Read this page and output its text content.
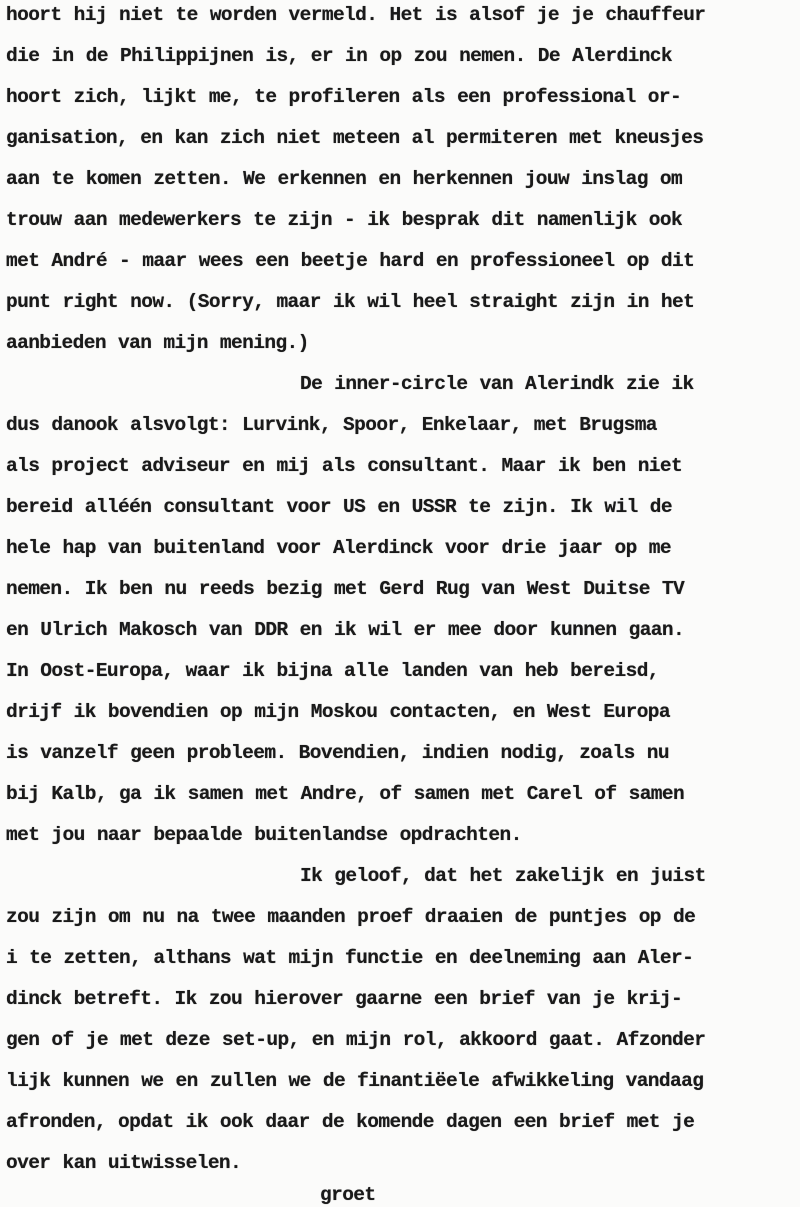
hoort hij niet te worden vermeld. Het is alsof je je chauffeur
die in de Philippijnen is, er in op zou nemen. De Alerdinck
hoort zich, lijkt me, te profileren als een professional or-
ganisation, en kan zich niet meteen al permiteren met kneusjes
aan te komen zetten. We erkennen en herkennen jouw inslag om
trouw aan medewerkers te zijn - ik besprak dit namenlijk ook
met André - maar wees een beetje hard en professioneel op dit
punt right now. (Sorry, maar ik wil heel straight zijn in het
aanbieden van mijn mening.)
De inner-circle van Alerindk zie ik
dus danook alsvolgt: Lurvink, Spoor, Enkelaar, met Brugsma
als project adviseur en mij als consultant. Maar ik ben niet
bereid alléén consultant voor US en USSR te zijn. Ik wil de
hele hap van buitenland voor Alerdinck voor drie jaar op me
nemen. Ik ben nu reeds bezig met Gerd Rug van West Duitse TV
en Ulrich Makosch van DDR en ik wil er mee door kunnen gaan.
In Oost-Europa, waar ik bijna alle landen van heb bereisd,
drijf ik bovendien op mijn Moskou contacten, en West Europa
is vanzelf geen probleem. Bovendien, indien nodig, zoals nu
bij Kalb, ga ik samen met Andre, of samen met Carel of samen
met jou naar bepaalde buitenlandse opdrachten.
Ik geloof, dat het zakelijk en juist
zou zijn om nu na twee maanden proef draaien de puntjes op de
i te zetten, althans wat mijn functie en deelneming aan Aler-
dinck betreft. Ik zou hierover gaarne een brief van je krij-
gen of je met deze set-up, en mijn rol, akkoord gaat. Afzonder
lijk kunnen we en zullen we de finantiëele afwikkeling vandaag
afronden, opdat ik ook daar de komende dagen een brief met je
over kan uitwisselen.
groet
